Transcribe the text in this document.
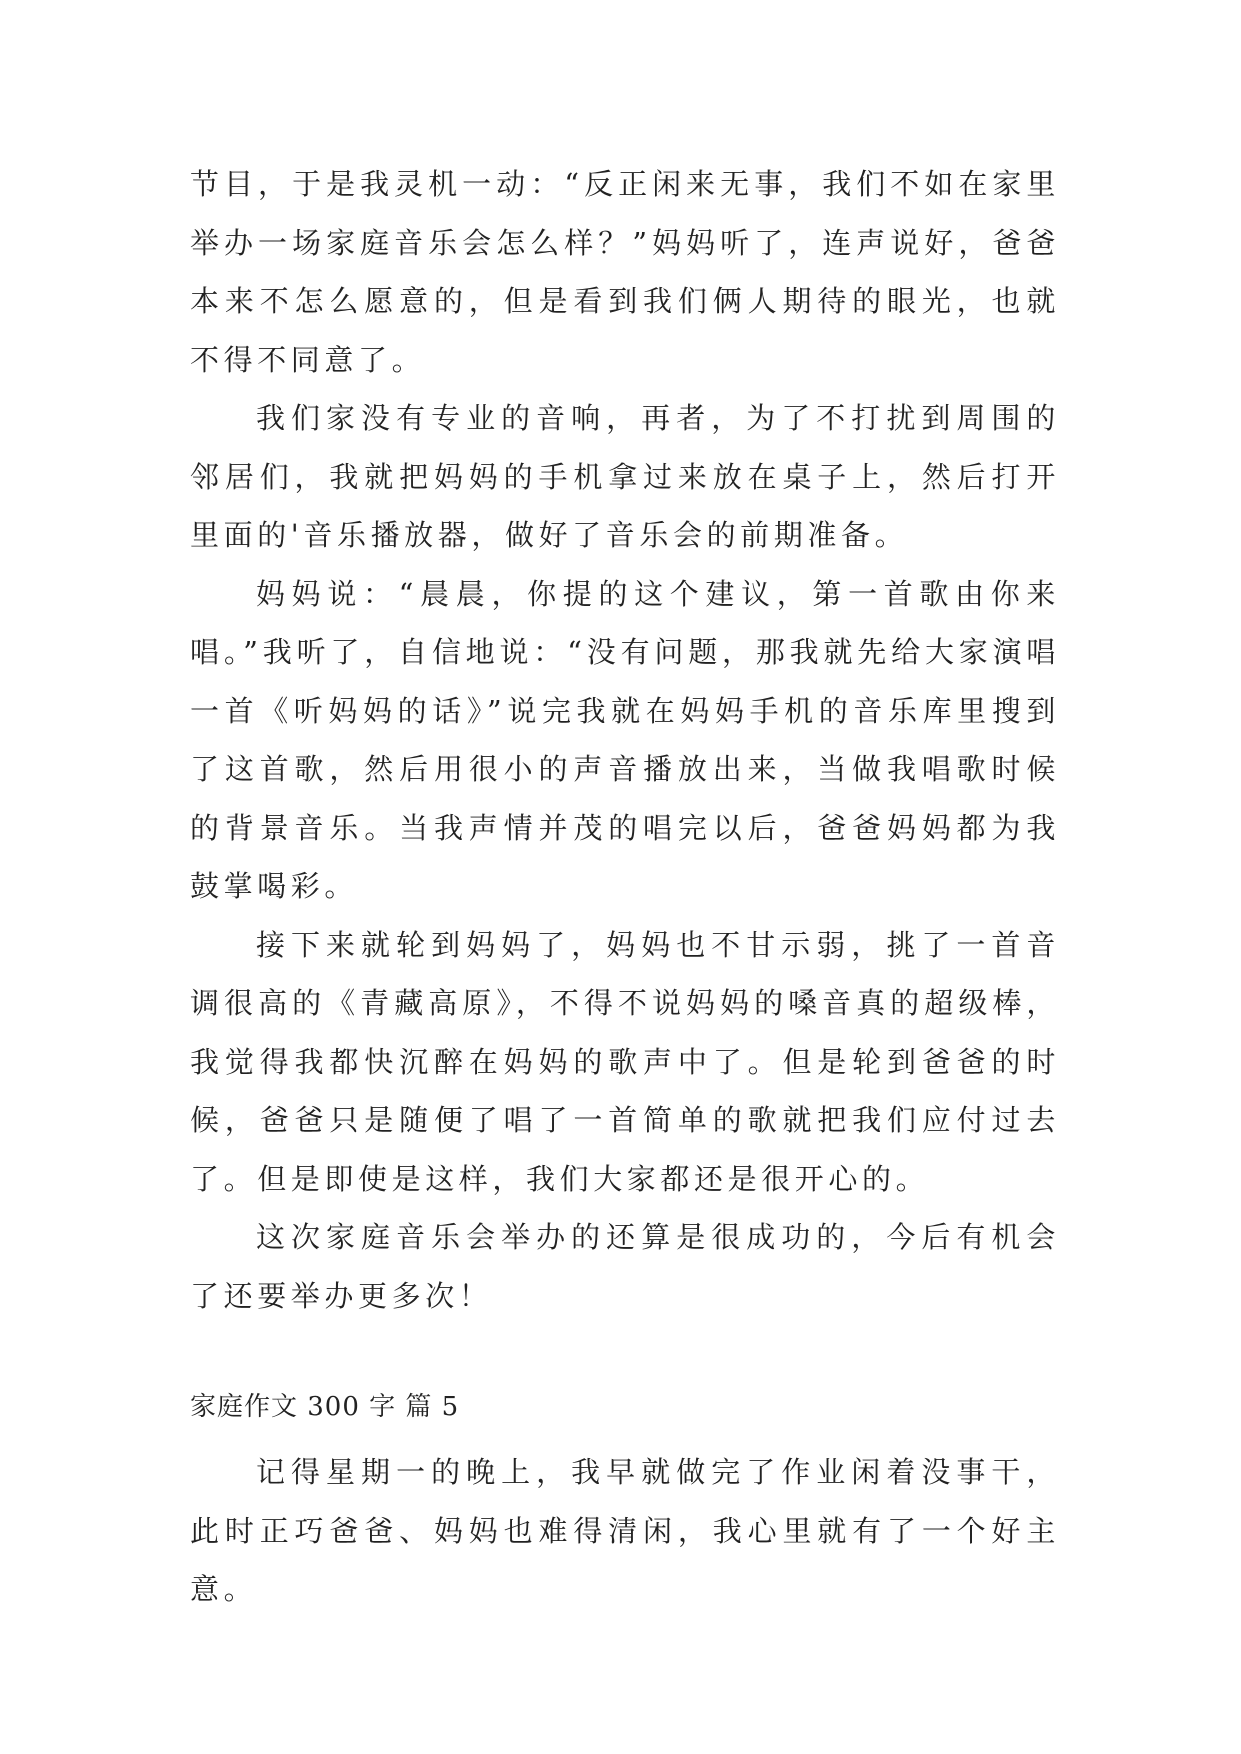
节目，于是我灵机一动：“反正闲来无事，我们不如在家里举办一场家庭音乐会怎么样？”妈妈听了，连声说好，爸爸本来不怎么愿意的，但是看到我们俩人期待的眼光，也就不得不同意了。

我们家没有专业的音响，再者，为了不打扰到周围的邻居们，我就把妈妈的手机拿过来放在桌子上，然后打开里面的'音乐播放器，做好了音乐会的前期准备。

妈妈说：“晨晨，你提的这个建议，第一首歌由你来唱。”我听了，自信地说：“没有问题，那我就先给大家演唱一首《听妈妈的话》”说完我就在妈妈手机的音乐库里搜到了这首歌，然后用很小的声音播放出来，当做我唱歌时候的背景音乐。当我声情并茂的唱完以后，爸爸妈妈都为我鼓掌喝彩。

接下来就轮到妈妈了，妈妈也不甘示弱，挑了一首音调很高的《青藏高原》，不得不说妈妈的嗓音真的超级棒，我觉得我都快沉醉在妈妈的歌声中了。但是轮到爸爸的时候，爸爸只是随便了唱了一首简单的歌就把我们应付过去了。但是即使是这样，我们大家都还是很开心的。

这次家庭音乐会举办的还算是很成功的，今后有机会了还要举办更多次！

家庭作文 300 字 篇 5

记得星期一的晚上，我早就做完了作业闲着没事干，此时正巧爸爸、妈妈也难得清闲，我心里就有了一个好主意。
